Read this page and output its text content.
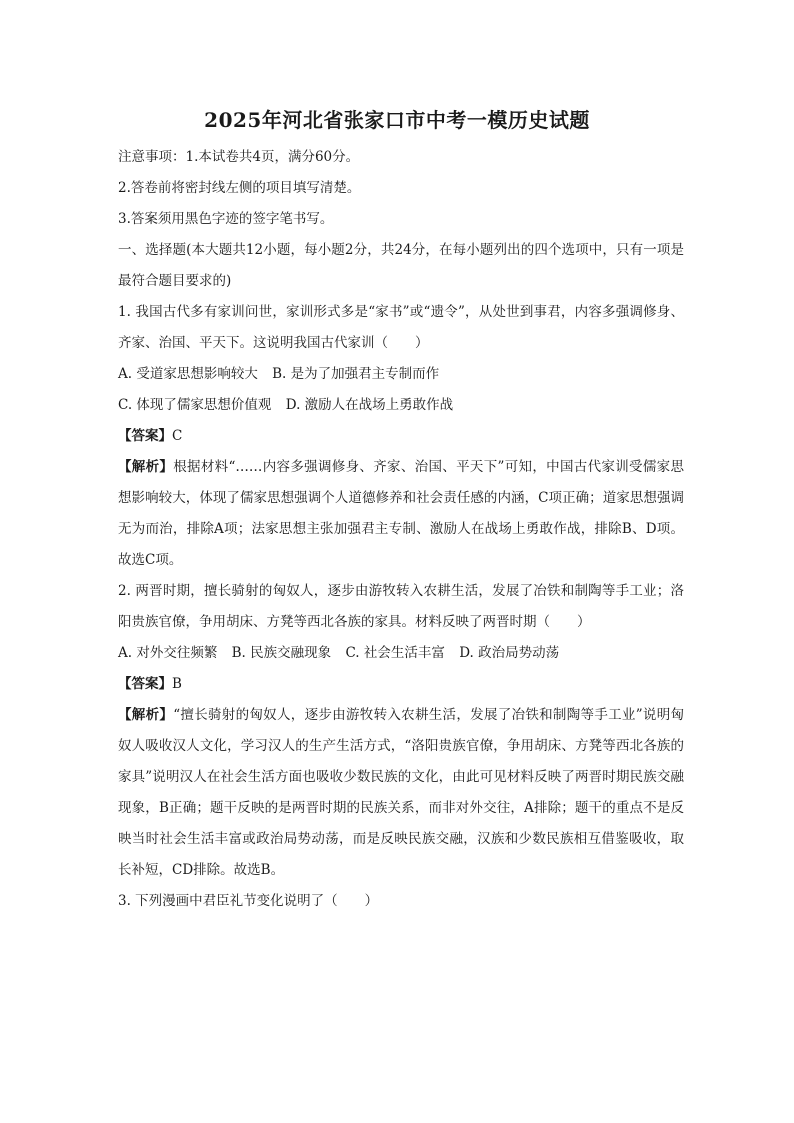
2025年河北省张家口市中考一模历史试题

注意事项：1.本试卷共4页，满分60分。

2.答卷前将密封线左侧的项目填写清楚。

3.答案须用黑色字迹的签字笔书写。

一、选择题(本大题共12小题，每小题2分，共24分，在每小题列出的四个选项中，只有一项是最符合题目要求的)

1. 我国古代多有家训问世，家训形式多是“家书”或“遗令”，从处世到事君，内容多强调修身、齐家、治国、平天下。这说明我国古代家训（　　）

A. 受道家思想影响较大 B. 是为了加强君主专制而作

C. 体现了儒家思想价值观 D. 激励人在战场上勇敢作战

【答案】C

【解析】根据材料“……内容多强调修身、齐家、治国、平天下”可知，中国古代家训受儒家思想影响较大，体现了儒家思想强调个人道德修养和社会责任感的内涵，C项正确；道家思想强调无为而治，排除A项；法家思想主张加强君主专制、激励人在战场上勇敢作战，排除B、D项。故选C项。

2. 两晋时期，擅长骑射的匈奴人，逐步由游牧转入农耕生活，发展了冶铁和制陶等手工业；洛阳贵族官僚，争用胡床、方凳等西北各族的家具。材料反映了两晋时期（　　）

A. 对外交往频繁 B. 民族交融现象 C. 社会生活丰富 D. 政治局势动荡

【答案】B

【解析】“擅长骑射的匈奴人，逐步由游牧转入农耕生活，发展了冶铁和制陶等手工业”说明匈奴人吸收汉人文化，学习汉人的生产生活方式，“洛阳贵族官僚，争用胡床、方凳等西北各族的家具”说明汉人在社会生活方面也吸收少数民族的文化，由此可见材料反映了两晋时期民族交融现象，B正确；题干反映的是两晋时期的民族关系，而非对外交往，A排除；题干的重点不是反映当时社会生活丰富或政治局势动荡，而是反映民族交融，汉族和少数民族相互借鉴吸收，取长补短，CD排除。故选B。

3. 下列漫画中君臣礼节变化说明了（　　）
